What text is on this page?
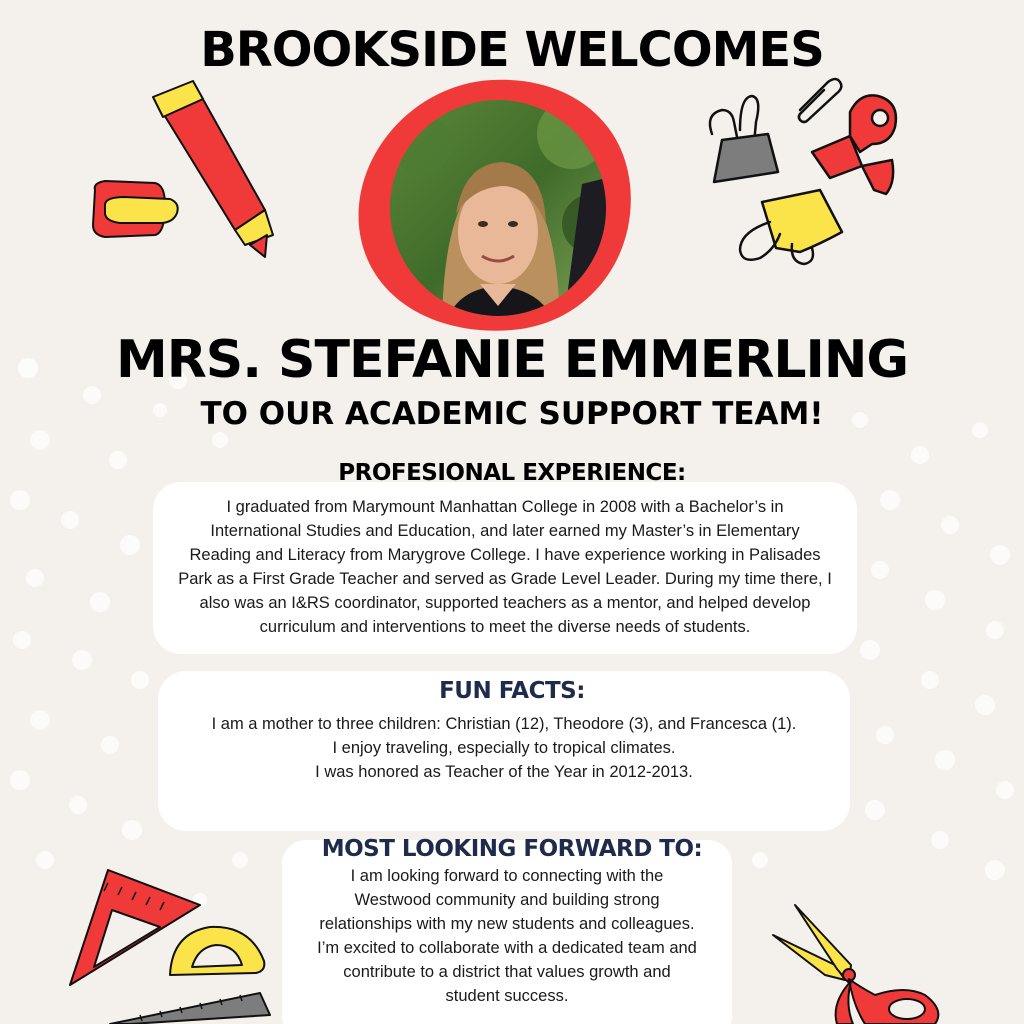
BROOKSIDE WELCOMES
MRS. STEFANIE EMMERLING
TO OUR ACADEMIC SUPPORT TEAM!
PROFESIONAL EXPERIENCE:

I graduated from Marymount Manhattan College in 2008 with a Bachelor’s in
International Studies and Education, and later earned my Master’s in Elementary
Reading and Literacy from Marygrove College. I have experience working in Palisades
Park as a First Grade Teacher and served as Grade Level Leader. During my time there, I
also was an I&RS coordinator, supported teachers as a mentor, and helped develop
curriculum and interventions to meet the diverse needs of students.

FUN FACTS:

I am a mother to three children: Christian (12), Theodore (3), and Francesca (1).
I enjoy traveling, especially to tropical climates.
I was honored as Teacher of the Year in 2012-2013.

MOST LOOKING FORWARD TO:

I am looking forward to connecting with the
Westwood community and building strong
relationships with my new students and colleagues.
I’m excited to collaborate with a dedicated team and
contribute to a district that values growth and
student success.
